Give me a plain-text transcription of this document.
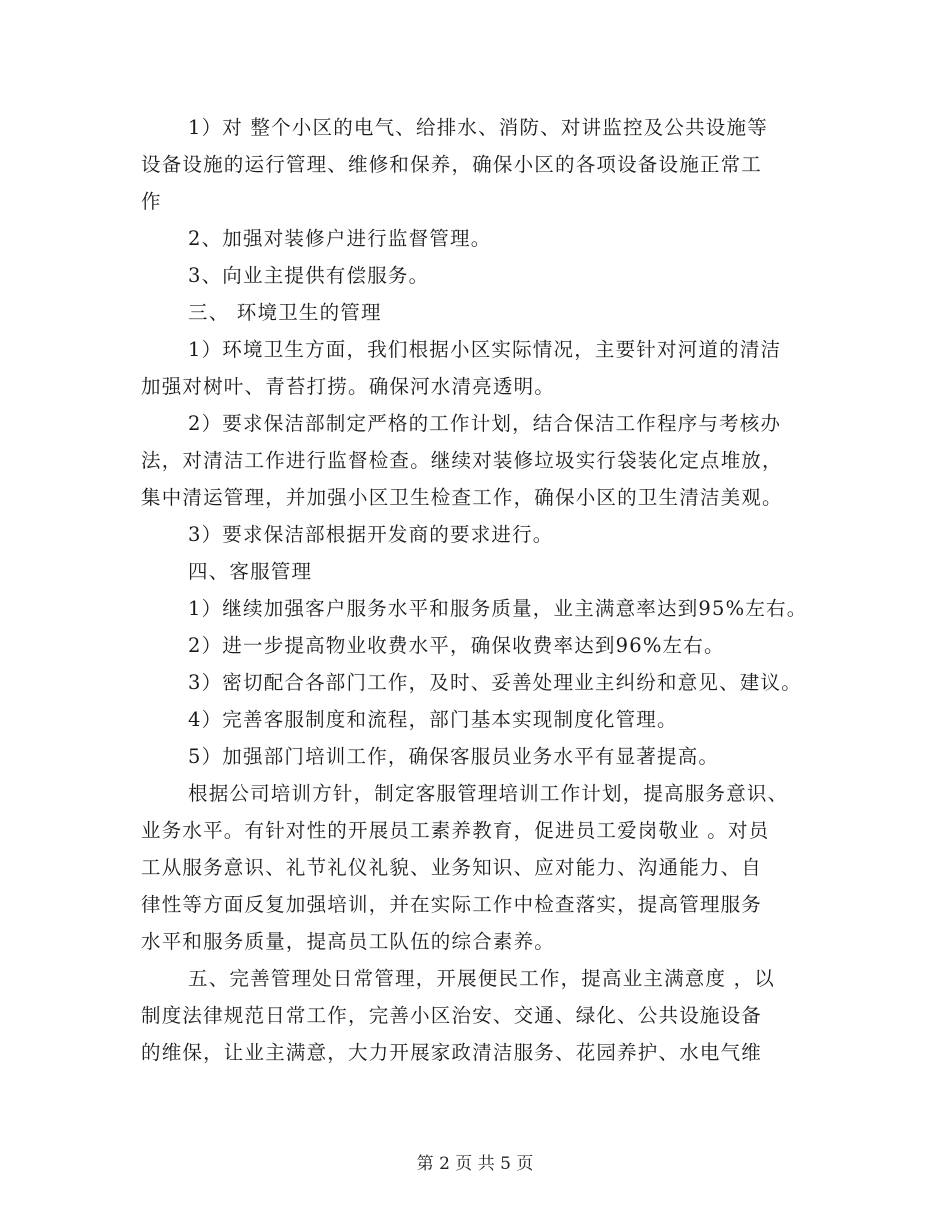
1）对 整个小区的电气、给排水、消防、对讲监控及公共设施等
设备设施的运行管理、维修和保养，确保小区的各项设备设施正常工
作
2、加强对装修户进行监督管理。
3、向业主提供有偿服务。
三、 环境卫生的管理
1）环境卫生方面，我们根据小区实际情况，主要针对河道的清洁
加强对树叶、青苔打捞。确保河水清亮透明。
2）要求保洁部制定严格的工作计划，结合保洁工作程序与考核办
法，对清洁工作进行监督检查。继续对装修垃圾实行袋装化定点堆放，
集中清运管理，并加强小区卫生检查工作，确保小区的卫生清洁美观。
3）要求保洁部根据开发商的要求进行。
四、客服管理
1）继续加强客户服务水平和服务质量，业主满意率达到95%左右。
2）进一步提高物业收费水平，确保收费率达到96%左右。
3）密切配合各部门工作，及时、妥善处理业主纠纷和意见、建议。
4）完善客服制度和流程，部门基本实现制度化管理。
5）加强部门培训工作，确保客服员业务水平有显著提高。
根据公司培训方针，制定客服管理培训工作计划，提高服务意识、
业务水平。有针对性的开展员工素养教育，促进员工爱岗敬业 。对员
工从服务意识、礼节礼仪礼貌、业务知识、应对能力、沟通能力、自
律性等方面反复加强培训，并在实际工作中检查落实，提高管理服务
水平和服务质量，提高员工队伍的综合素养。
五、完善管理处日常管理，开展便民工作，提高业主满意度 ，以
制度法律规范日常工作，完善小区治安、交通、绿化、公共设施设备
的维保，让业主满意，大力开展家政清洁服务、花园养护、水电气维
第 2 页 共 5 页
